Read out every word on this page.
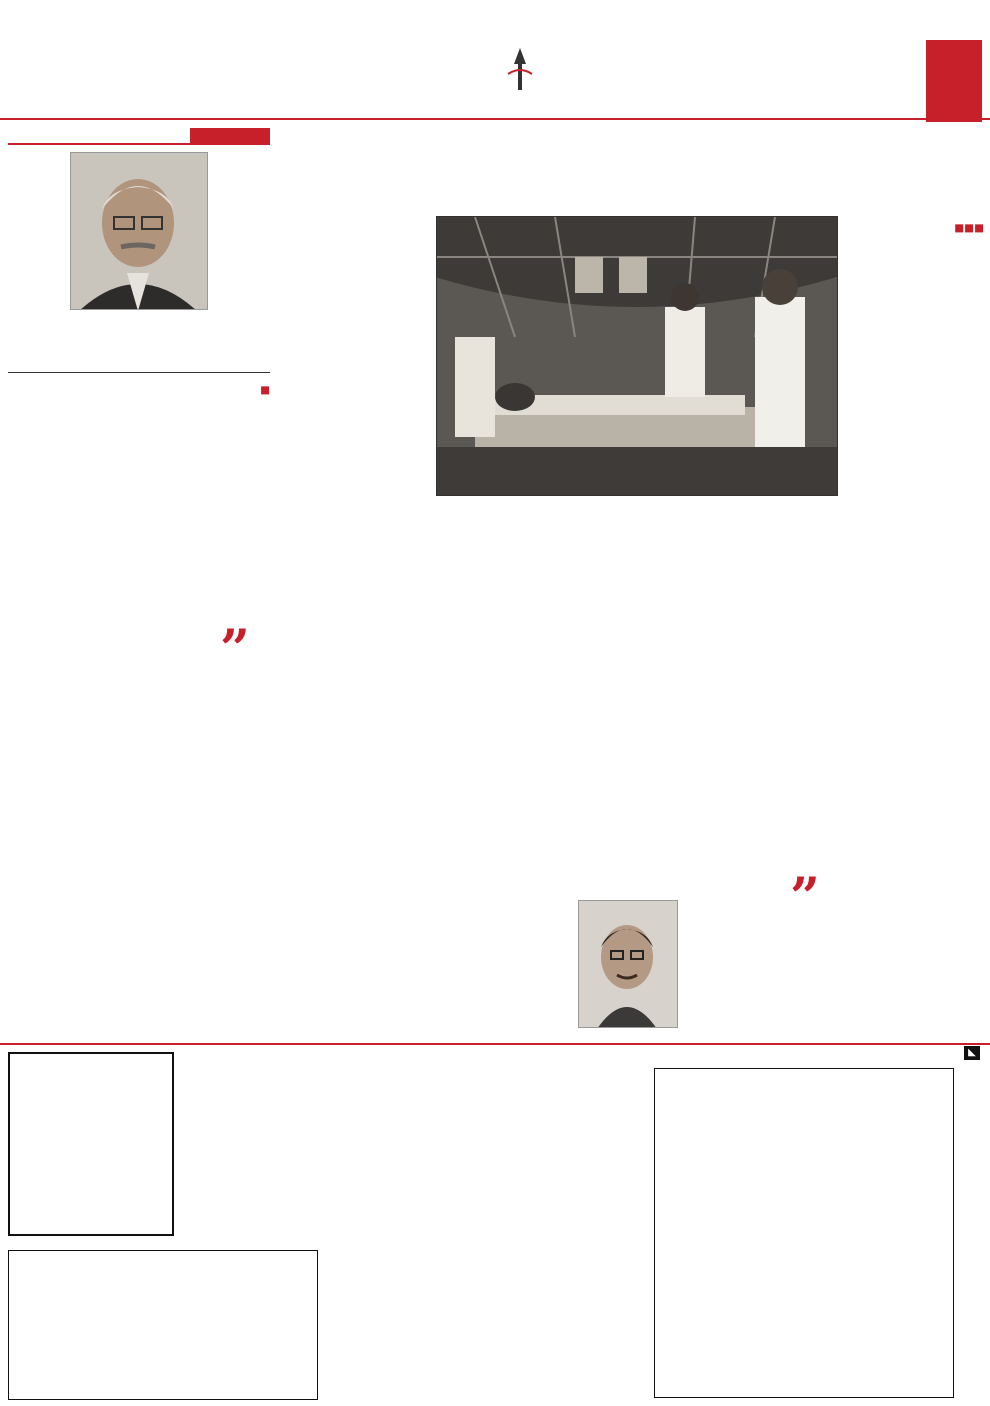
■■■

”
■

”

◣
